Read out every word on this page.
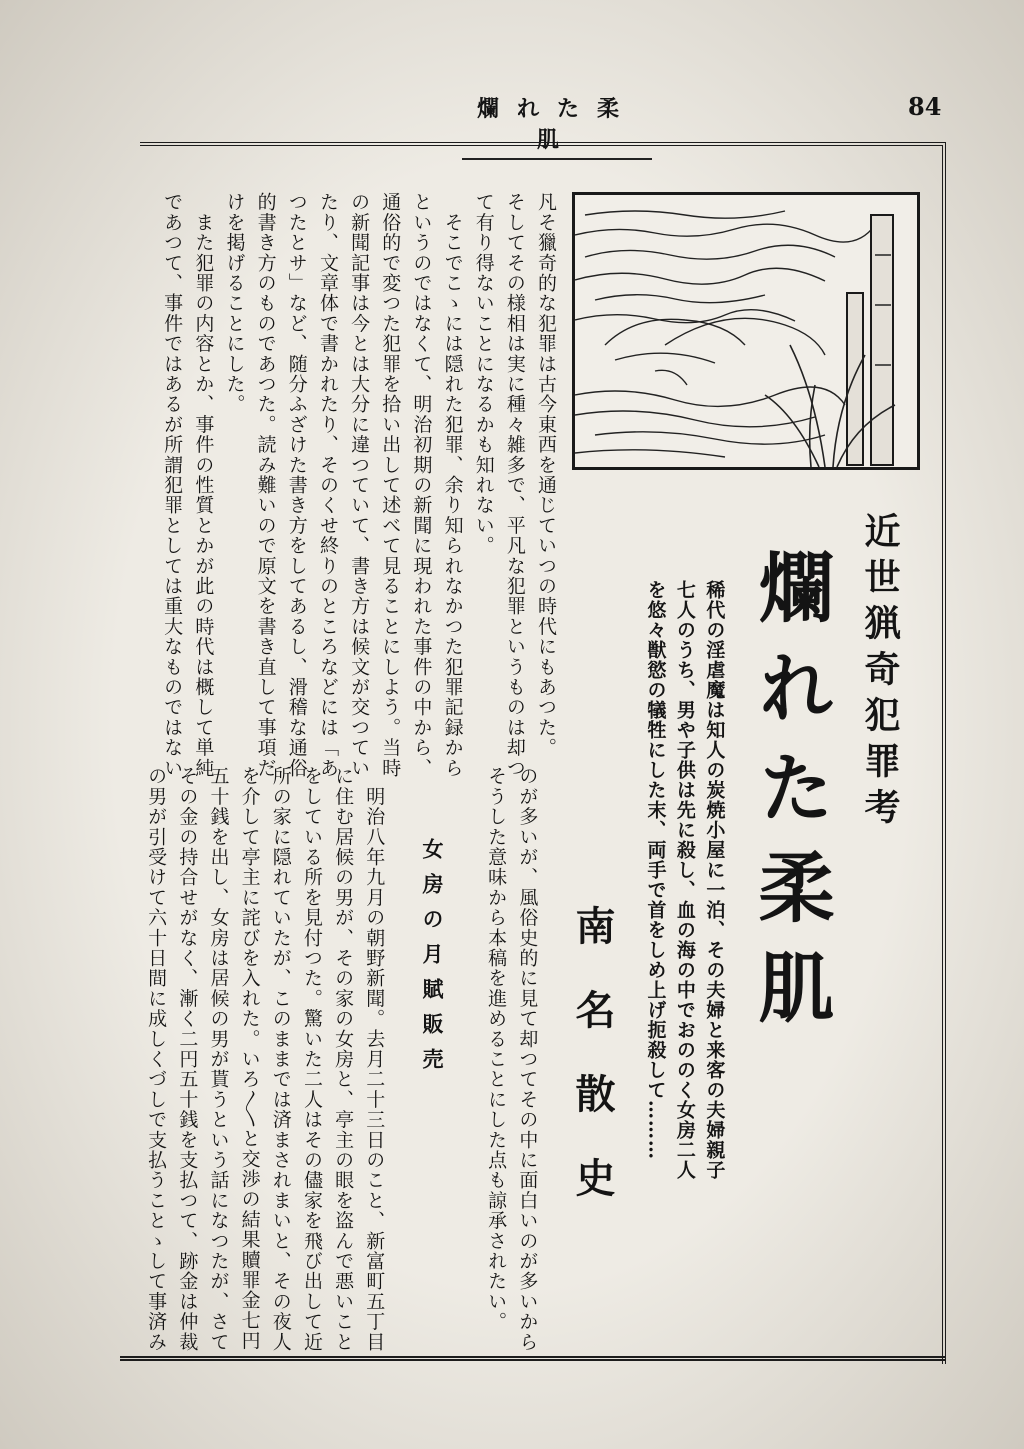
爛れた柔肌
84
近世猟奇犯罪考
爛れた柔肌
稀代の淫虐魔は知人の炭焼小屋に一泊、その夫婦と来客の夫婦親子
七人のうち、男や子供は先に殺し、血の海の中でおののく女房二人
を悠々獣慾の犠牲にした末、両手で首をしめ上げ扼殺して………
南名散史
凡そ獵奇的な犯罪は古今東西を通じていつの時代にもあつた。
そしてその様相は実に種々雑多で、平凡な犯罪というものは却つ
て有り得ないことになるかも知れない。
　そこでこゝには隠れた犯罪、余り知られなかつた犯罪記録から
というのではなくて、明治初期の新聞に現われた事件の中から、
通俗的で変つた犯罪を拾い出して述べて見ることにしよう。当時
の新聞記事は今とは大分に違つていて、書き方は候文が交つてい
たり、文章体で書かれたり、そのくせ終りのところなどには「あ
つたとサ」など、随分ふざけた書き方をしてあるし、滑稽な通俗
的書き方のものであつた。読み難いので原文を書き直して事項だ
けを掲げることにした。
　また犯罪の内容とか、事件の性質とかが此の時代は概して単純
であつて、事件ではあるが所謂犯罪としては重大なものではない
のが多いが、風俗史的に見て却つてその中に面白いのが多いから
そうした意味から本稿を進めることにした点も諒承されたい。
女房の月賦販売
　明治八年九月の朝野新聞。去月二十三日のこと、新富町五丁目
に住む居候の男が、その家の女房と、亭主の眼を盗んで悪いこと
をしている所を見付つた。驚いた二人はその儘家を飛び出して近
所の家に隠れていたが、このままでは済まされまいと、その夜人
を介して亭主に詫びを入れた。いろ〳〵と交渉の結果贖罪金七円
五十銭を出し、女房は居候の男が貰うという話になつたが、さて
その金の持合せがなく、漸く二円五十銭を支払つて、跡金は仲裁
の男が引受けて六十日間に成しくづしで支払うことゝして事済み
